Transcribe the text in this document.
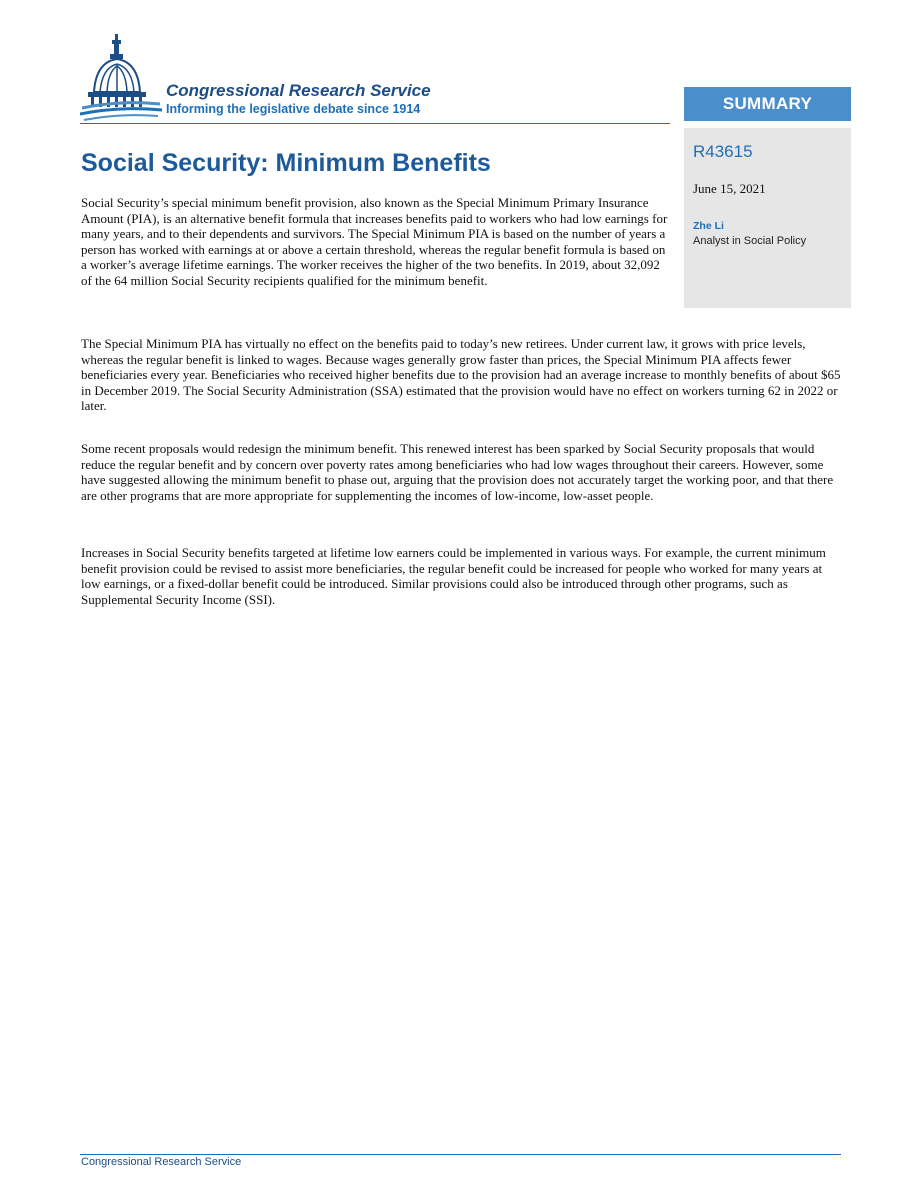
Congressional Research Service
Informing the legislative debate since 1914	SUMMARY
R43615
June 15, 2021
Zhe Li
Analyst in Social Policy
Social Security: Minimum Benefits

Social Security’s special minimum benefit provision, also known as the Special Minimum Primary Insurance Amount (PIA), is an alternative benefit formula that increases benefits paid to workers who had low earnings for many years, and to their dependents and survivors. The Special Minimum PIA is based on the number of years a person has worked with earnings at or above a certain threshold, whereas the regular benefit formula is based on a worker’s average lifetime earnings. The worker receives the higher of the two benefits. In 2019, about 32,092 of the 64 million Social Security recipients qualified for the minimum benefit.

The Special Minimum PIA has virtually no effect on the benefits paid to today’s new retirees. Under current law, it grows with price levels, whereas the regular benefit is linked to wages. Because wages generally grow faster than prices, the Special Minimum PIA affects fewer beneficiaries every year. Beneficiaries who received higher benefits due to the provision had an average increase to monthly benefits of about $65 in December 2019. The Social Security Administration (SSA) estimated that the provision would have no effect on workers turning 62 in 2022 or later.

Some recent proposals would redesign the minimum benefit. This renewed interest has been sparked by Social Security proposals that would reduce the regular benefit and by concern over poverty rates among beneficiaries who had low wages throughout their careers. However, some have suggested allowing the minimum benefit to phase out, arguing that the provision does not accurately target the working poor, and that there are other programs that are more appropriate for supplementing the incomes of low-income, low-asset people.

Increases in Social Security benefits targeted at lifetime low earners could be implemented in various ways. For example, the current minimum benefit provision could be revised to assist more beneficiaries, the regular benefit could be increased for people who worked for many years at low earnings, or a fixed-dollar benefit could be introduced. Similar provisions could also be introduced through other programs, such as Supplemental Security Income (SSI).

Congressional Research Service
